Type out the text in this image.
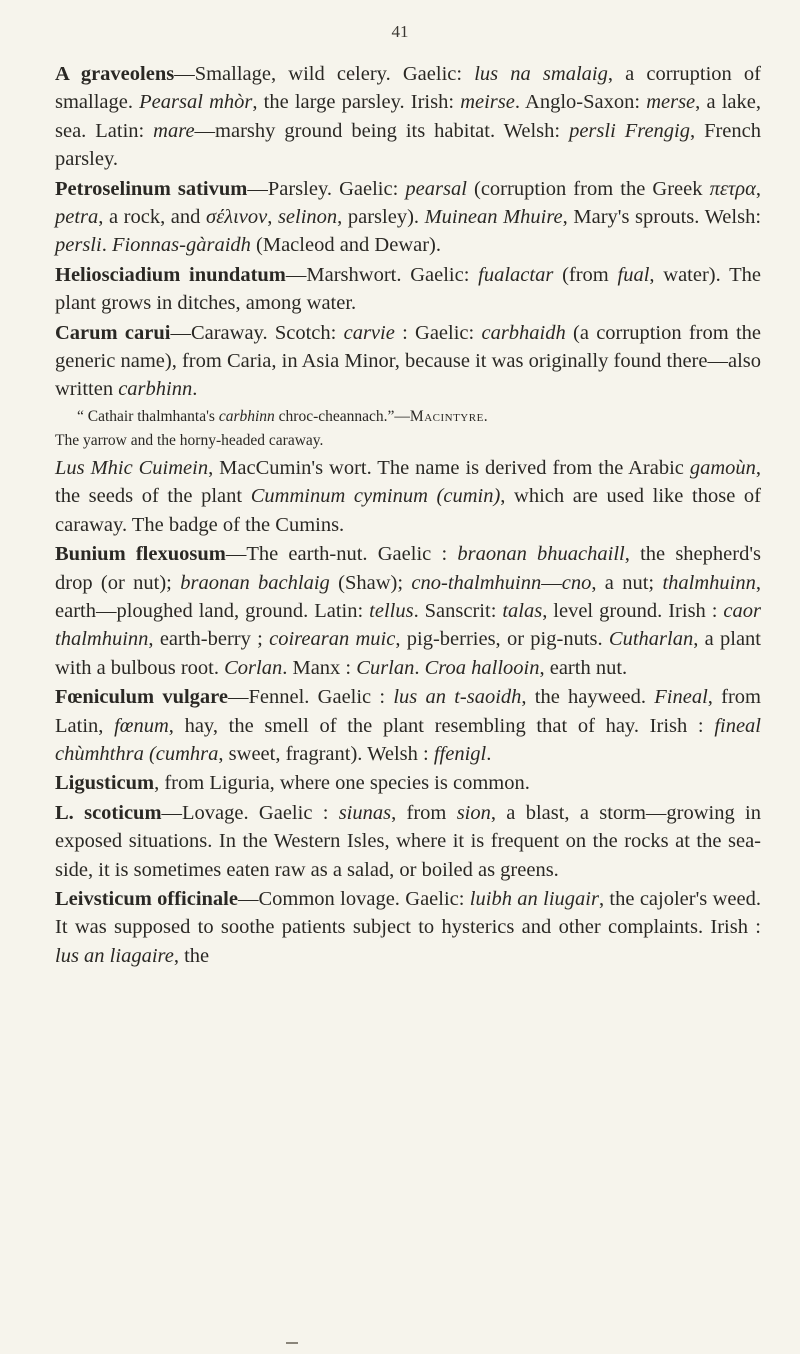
41

A graveolens—Smallage, wild celery. Gaelic: lus na smalaig, a corruption of smallage. Pearsal mhòr, the large parsley. Irish: meirse. Anglo-Saxon: merse, a lake, sea. Latin: mare—marshy ground being its habitat. Welsh: persli Frengig, French parsley.

Petroselinum sativum—Parsley. Gaelic: pearsal (corruption from the Greek πετρα, petra, a rock, and σέλινον, selinon, parsley). Muinean Mhuire, Mary's sprouts. Welsh: persli. Fionnas-gàraidh (Macleod and Dewar).

Heliosciadium inundatum—Marshwort. Gaelic: fualactar (from fual, water). The plant grows in ditches, among water.

Carum carui—Caraway. Scotch: carvie : Gaelic: carbhaidh (a corruption from the generic name), from Caria, in Asia Minor, because it was originally found there—also written carbhinn.

“ Cathair thalmhanta's carbhinn chroc-cheannach.”—Macintyre.
The yarrow and the horny-headed caraway.

Lus Mhic Cuimein, MacCumin's wort. The name is derived from the Arabic gamoùn, the seeds of the plant Cumminum cyminum (cumin), which are used like those of caraway. The badge of the Cumins.

Bunium flexuosum—The earth-nut. Gaelic : braonan bhuachaill, the shepherd's drop (or nut); braonan bachlaig (Shaw); cno-thalmhuinn—cno, a nut; thalmhuinn, earth—ploughed land, ground. Latin: tellus. Sanscrit: talas, level ground. Irish : caor thalmhuinn, earth-berry ; coirearan muic, pig-berries, or pig-nuts. Cutharlan, a plant with a bulbous root. Corlan. Manx : Curlan. Croa hallooin, earth nut.

Fœniculum vulgare—Fennel. Gaelic : lus an t-saoidh, the hayweed. Fineal, from Latin, fœnum, hay, the smell of the plant resembling that of hay. Irish : fineal chùmhthra (cumhra, sweet, fragrant). Welsh : ffenigl.

Ligusticum, from Liguria, where one species is common.

L. scoticum—Lovage. Gaelic : siunas, from sion, a blast, a storm—growing in exposed situations. In the Western Isles, where it is frequent on the rocks at the sea-side, it is sometimes eaten raw as a salad, or boiled as greens.

Leivsticum officinale—Common lovage. Gaelic: luibh an liugair, the cajoler's weed. It was supposed to soothe patients subject to hysterics and other complaints. Irish : lus an liagaire, the
